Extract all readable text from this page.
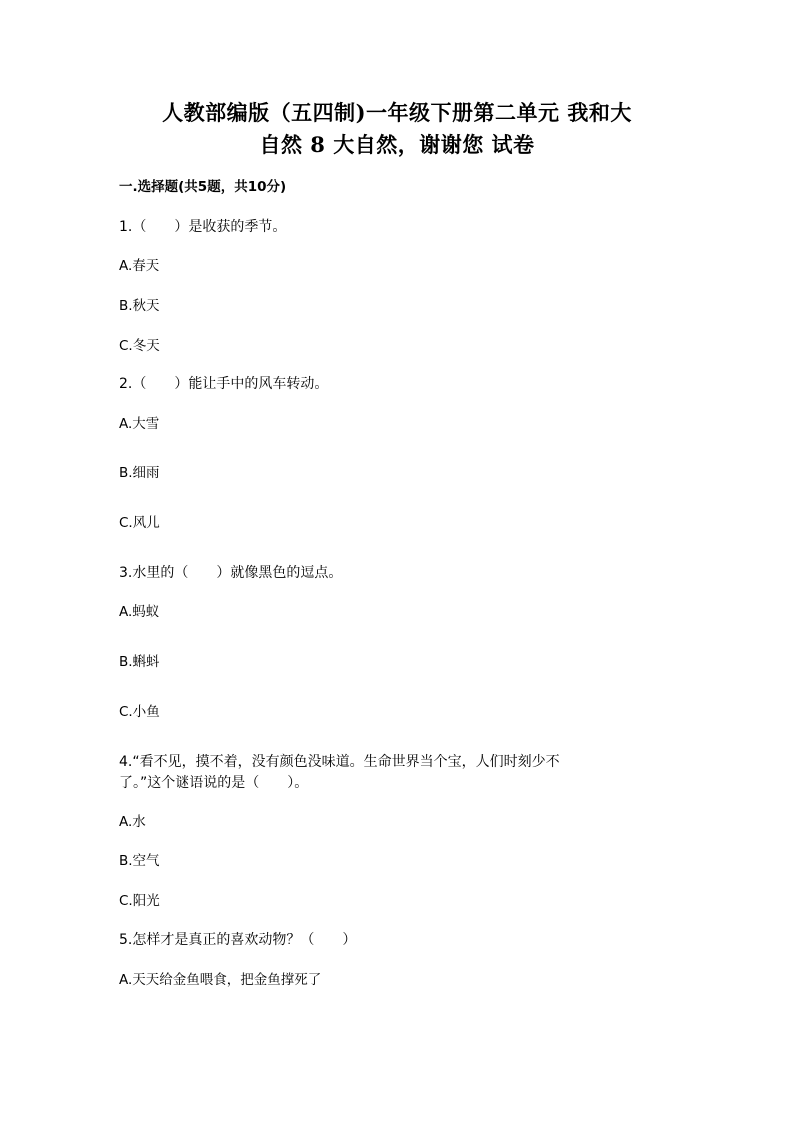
人教部编版（五四制)一年级下册第二单元 我和大
自然 8 大自然，谢谢您 试卷
一.选择题(共5题，共10分)
1.（　　）是收获的季节。
A.春天
B.秋天
C.冬天
2.（　　）能让手中的风车转动。
A.大雪
B.细雨
C.风儿
3.水里的（　　）就像黑色的逗点。
A.蚂蚁
B.蝌蚪
C.小鱼
4.“看不见，摸不着，没有颜色没味道。生命世界当个宝，人们时刻少不
了。”这个谜语说的是（　　）。
A.水
B.空气
C.阳光
5.怎样才是真正的喜欢动物？（　　）
A.天天给金鱼喂食，把金鱼撑死了
